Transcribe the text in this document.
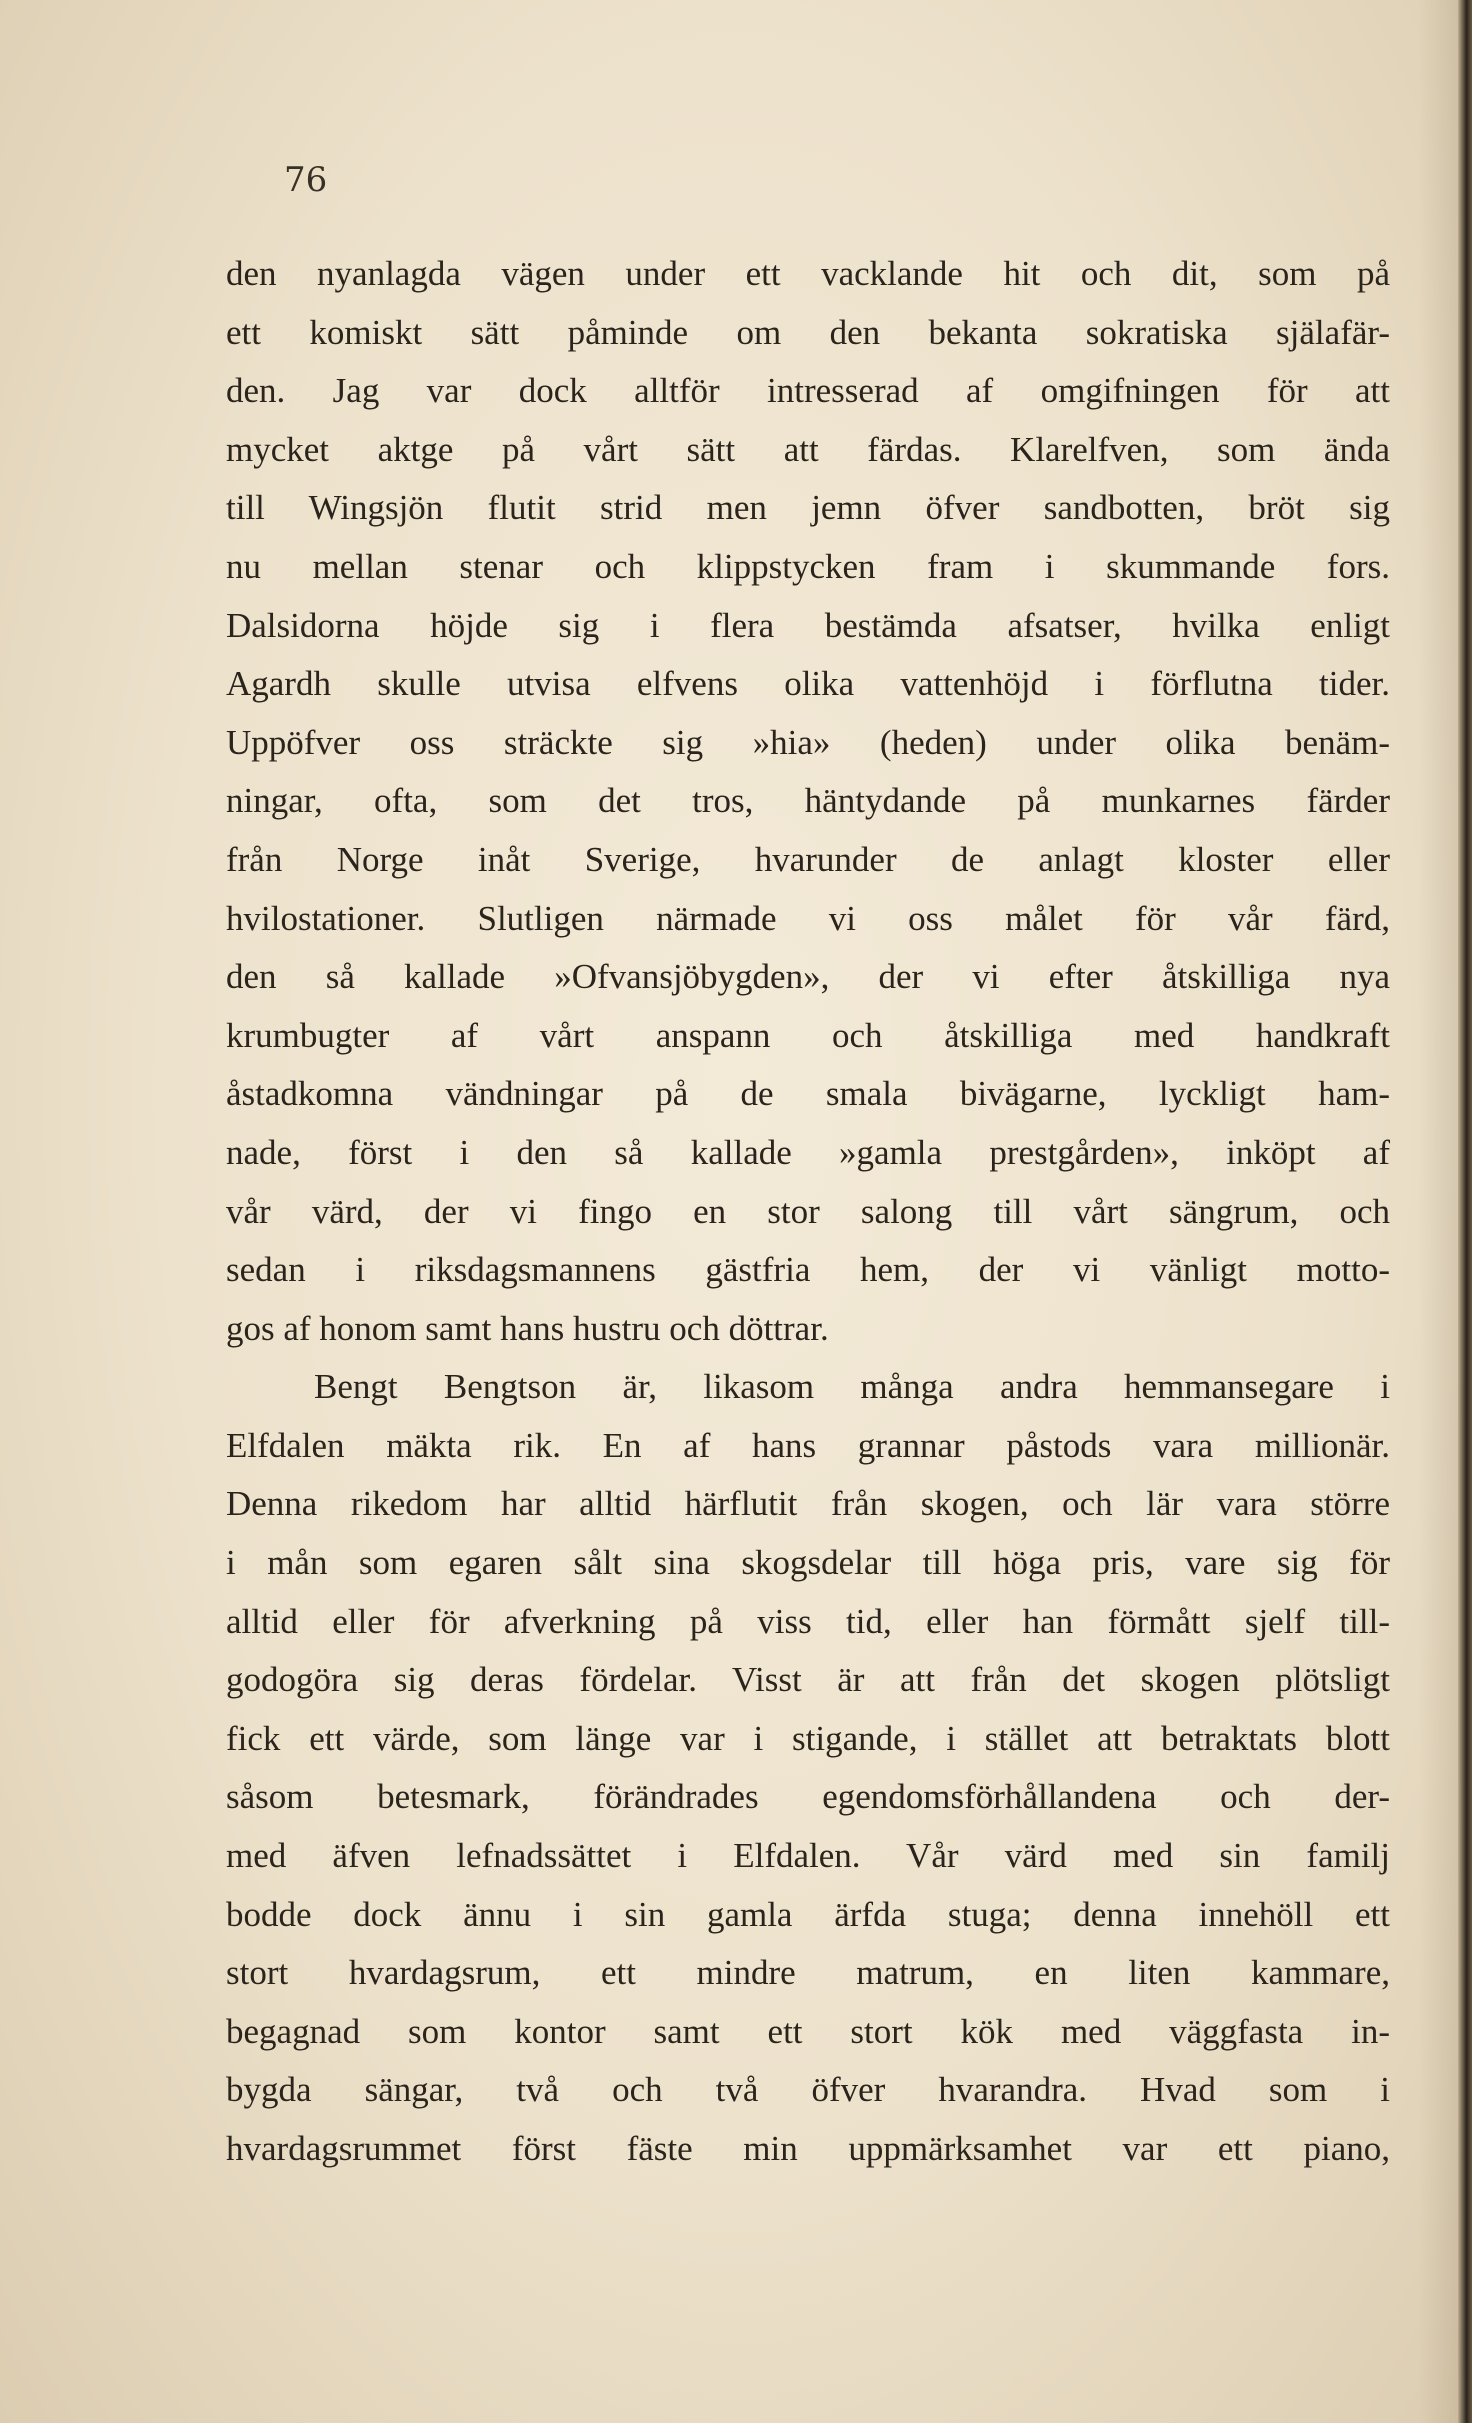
76
den nyanlagda vägen under ett vacklande hit och dit, som på
ett komiskt sätt påminde om den bekanta sokratiska själafär-
den. Jag var dock alltför intresserad af omgifningen för att
mycket aktge på vårt sätt att färdas. Klarelfven, som ända
till Wingsjön flutit strid men jemn öfver sandbotten, bröt sig
nu mellan stenar och klippstycken fram i skummande fors.
Dalsidorna höjde sig i flera bestämda afsatser, hvilka enligt
Agardh skulle utvisa elfvens olika vattenhöjd i förflutna tider.
Uppöfver oss sträckte sig »hia» (heden) under olika benäm-
ningar, ofta, som det tros, häntydande på munkarnes färder
från Norge inåt Sverige, hvarunder de anlagt kloster eller
hvilostationer. Slutligen närmade vi oss målet för vår färd,
den så kallade »Ofvansjöbygden», der vi efter åtskilliga nya
krumbugter af vårt anspann och åtskilliga med handkraft
åstadkomna vändningar på de smala bivägarne, lyckligt ham-
nade, först i den så kallade »gamla prestgården», inköpt af
vår värd, der vi fingo en stor salong till vårt sängrum, och
sedan i riksdagsmannens gästfria hem, der vi vänligt motto-
gos af honom samt hans hustru och döttrar.
Bengt Bengtson är, likasom många andra hemmansegare i
Elfdalen mäkta rik. En af hans grannar påstods vara millionär.
Denna rikedom har alltid härflutit från skogen, och lär vara större
i mån som egaren sålt sina skogsdelar till höga pris, vare sig för
alltid eller för afverkning på viss tid, eller han förmått sjelf till-
godogöra sig deras fördelar. Visst är att från det skogen plötsligt
fick ett värde, som länge var i stigande, i stället att betraktats blott
såsom betesmark, förändrades egendomsförhållandena och der-
med äfven lefnadssättet i Elfdalen. Vår värd med sin familj
bodde dock ännu i sin gamla ärfda stuga; denna innehöll ett
stort hvardagsrum, ett mindre matrum, en liten kammare,
begagnad som kontor samt ett stort kök med väggfasta in-
bygda sängar, två och två öfver hvarandra. Hvad som i
hvardagsrummet först fäste min uppmärksamhet var ett piano,
